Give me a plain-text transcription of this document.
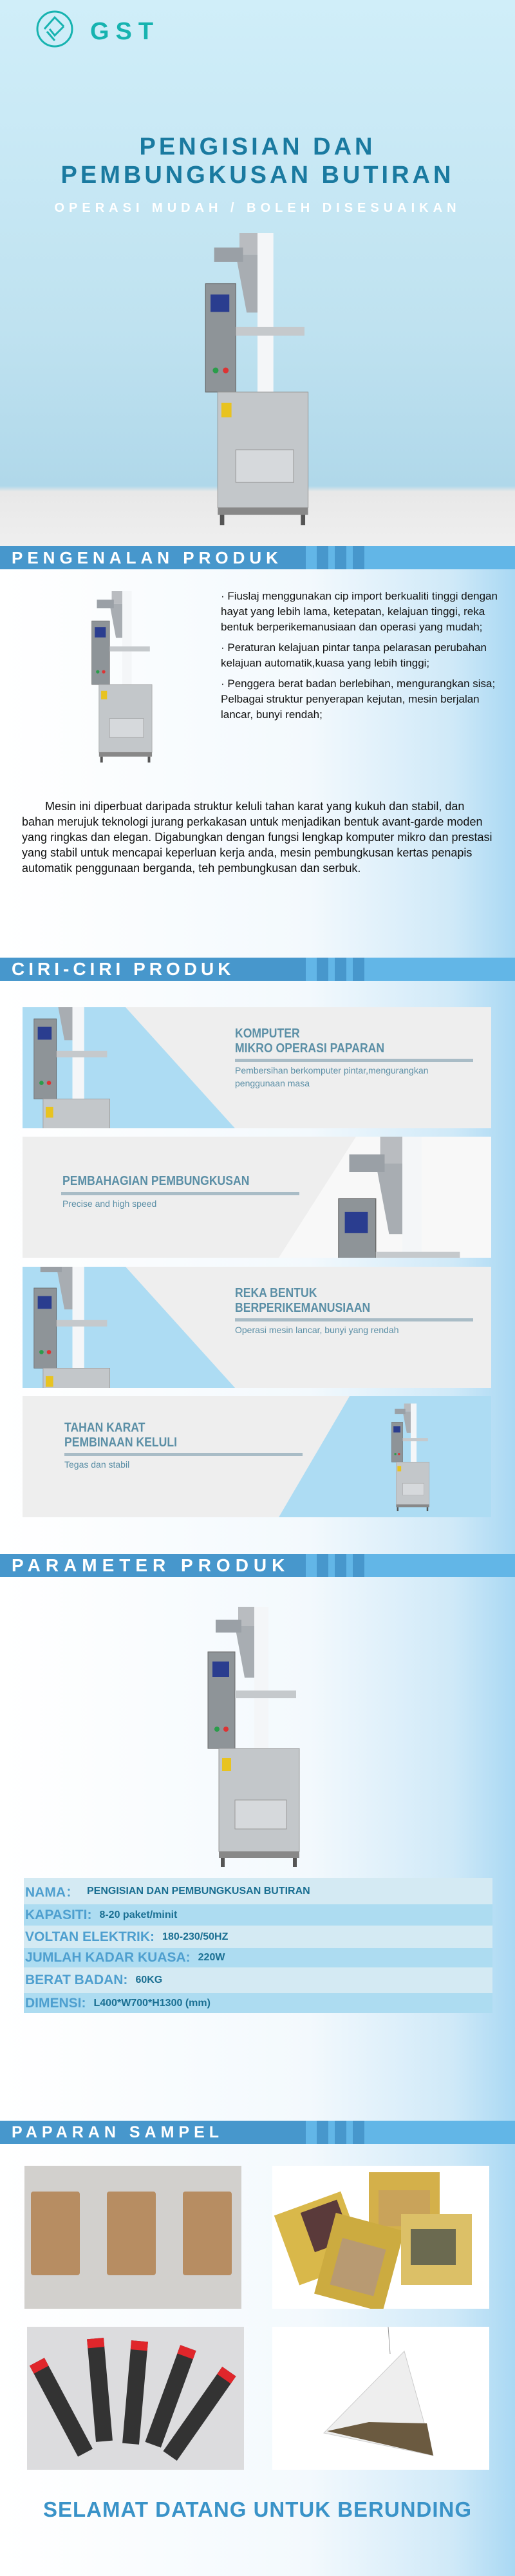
GST
PENGISIAN DAN
PEMBUNGKUSAN BUTIRAN
OPERASI MUDAH / BOLEH DISESUAIKAN
PENGENALAN PRODUK

· Fiuslaj menggunakan cip import berkualiti tinggi dengan hayat yang lebih lama, ketepatan, kelajuan tinggi, reka bentuk berperikemanusiaan dan operasi yang mudah;

· Peraturan kelajuan pintar tanpa pelarasan perubahan kelajuan automatik,kuasa yang lebih tinggi;

· Penggera berat badan berlebihan, mengurangkan sisa; Pelbagai struktur penyerapan kejutan, mesin berjalan lancar, bunyi rendah;

Mesin ini diperbuat daripada struktur keluli tahan karat yang kukuh dan stabil, dan bahan merujuk teknologi jurang perkakasan untuk menjadikan bentuk avant-garde moden yang ringkas dan elegan. Digabungkan dengan fungsi lengkap komputer mikro dan prestasi yang stabil untuk mencapai keperluan kerja anda, mesin pembungkusan kertas penapis automatik penggunaan berganda, teh pembungkusan dan serbuk.
CIRI-CIRI PRODUK
KOMPUTER
MIKRO OPERASI PAPARAN
Pembersihan berkomputer pintar,mengurangkan
penggunaan masa
PEMBAHAGIAN PEMBUNGKUSAN
Precise and high speed
REKA BENTUK
BERPERIKEMANUSIAAN
Operasi mesin lancar, bunyi yang rendah
TAHAN KARAT
PEMBINAAN KELULI
Tegas dan stabil
PARAMETER PRODUK
NAMA： PENGISIAN DAN PEMBUNGKUSAN BUTIRAN
KAPASITI: 8-20 paket/minit
VOLTAN ELEKTRIK: 180-230/50HZ
JUMLAH KADAR KUASA: 220W
BERAT BADAN: 60KG
DIMENSI: L400*W700*H1300 (mm)
PAPARAN SAMPEL
SELAMAT DATANG UNTUK BERUNDING
